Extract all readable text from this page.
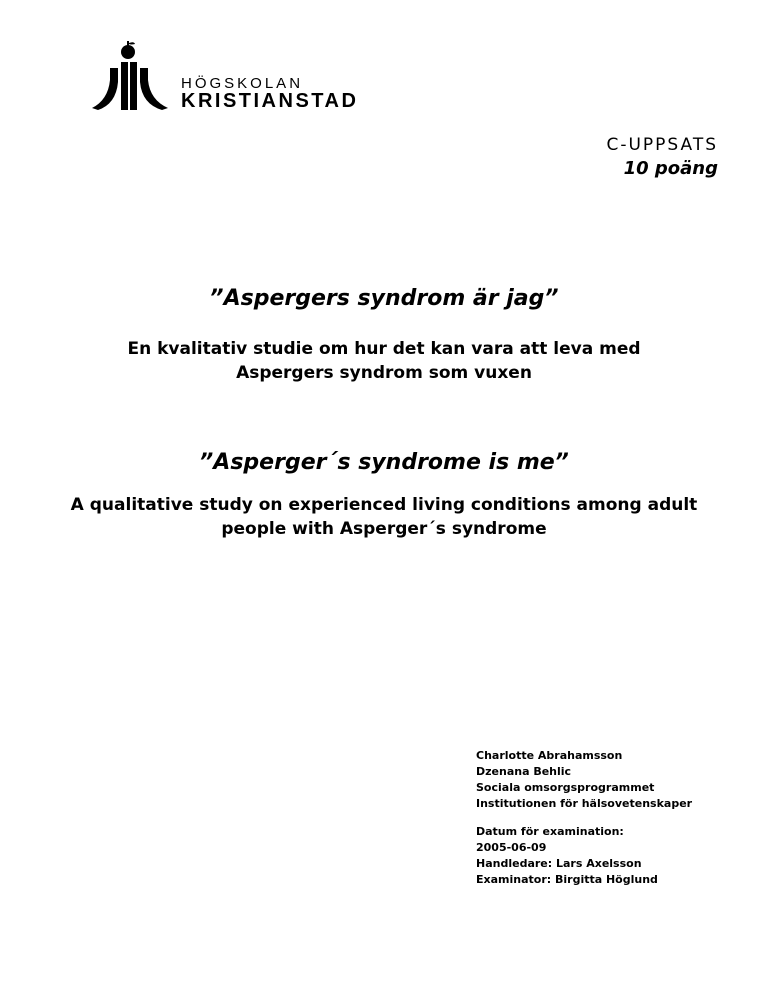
HÖGSKOLAN
KRISTIANSTAD
C-UPPSATS
10 poäng
”Aspergers syndrom är jag”
En kvalitativ studie om hur det kan vara att leva med
Aspergers syndrom som vuxen
”Asperger´s syndrome is me”
A qualitative study on experienced living conditions among adult
people with Asperger´s syndrome
Charlotte Abrahamsson
Dzenana Behlic
Sociala omsorgsprogrammet
Institutionen för hälsovetenskaper
Datum för examination:
2005-06-09
Handledare: Lars Axelsson
Examinator: Birgitta Höglund
